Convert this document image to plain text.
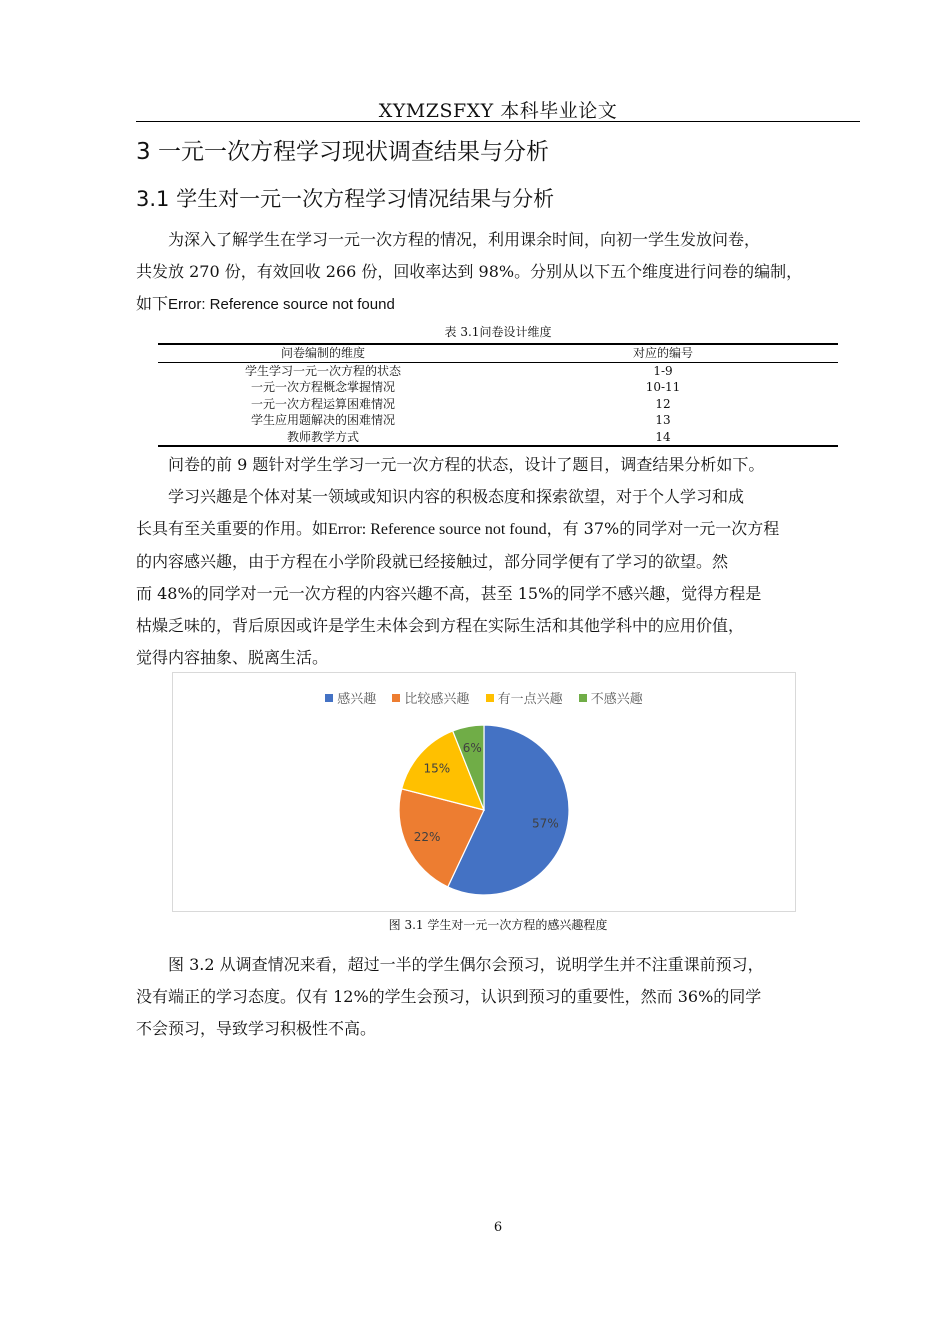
XYMZSFXY 本科毕业论文
3 一元一次方程学习现状调查结果与分析
3.1 学生对一元一次方程学习情况结果与分析

为深入了解学生在学习一元一次方程的情况，利用课余时间，向初一学生发放问卷，

共发放 270 份，有效回收 266 份，回收率达到 98%。分别从以下五个维度进行问卷的编制，

如下Error: Reference source not found

表 3.1问卷设计维度
问卷编制的维度	对应的编号
学生学习一元一次方程的状态	1-9
一元一次方程概念掌握情况	10-11
一元一次方程运算困难情况	12
学生应用题解决的困难情况	13
教师教学方式	14

问卷的前 9 题针对学生学习一元一次方程的状态，设计了题目，调查结果分析如下。

学习兴趣是个体对某一领域或知识内容的积极态度和探索欲望，对于个人学习和成

长具有至关重要的作用。如Error: Reference source not found，有 37%的同学对一元一次方程

的内容感兴趣，由于方程在小学阶段就已经接触过，部分同学便有了学习的欲望。然

而 48%的同学对一元一次方程的内容兴趣不高，甚至 15%的同学不感兴趣，觉得方程是

枯燥乏味的，背后原因或许是学生未体会到方程在实际生活和其他学科中的应用价值，

觉得内容抽象、脱离生活。

感兴趣 比较感兴趣 有一点兴趣 不感兴趣
57%
22%
15%
6%
图 3.1 学生对一元一次方程的感兴趣程度

图 3.2 从调查情况来看，超过一半的学生偶尔会预习，说明学生并不注重课前预习，

没有端正的学习态度。仅有 12%的学生会预习，认识到预习的重要性，然而 36%的同学

不会预习，导致学习积极性不高。

6
